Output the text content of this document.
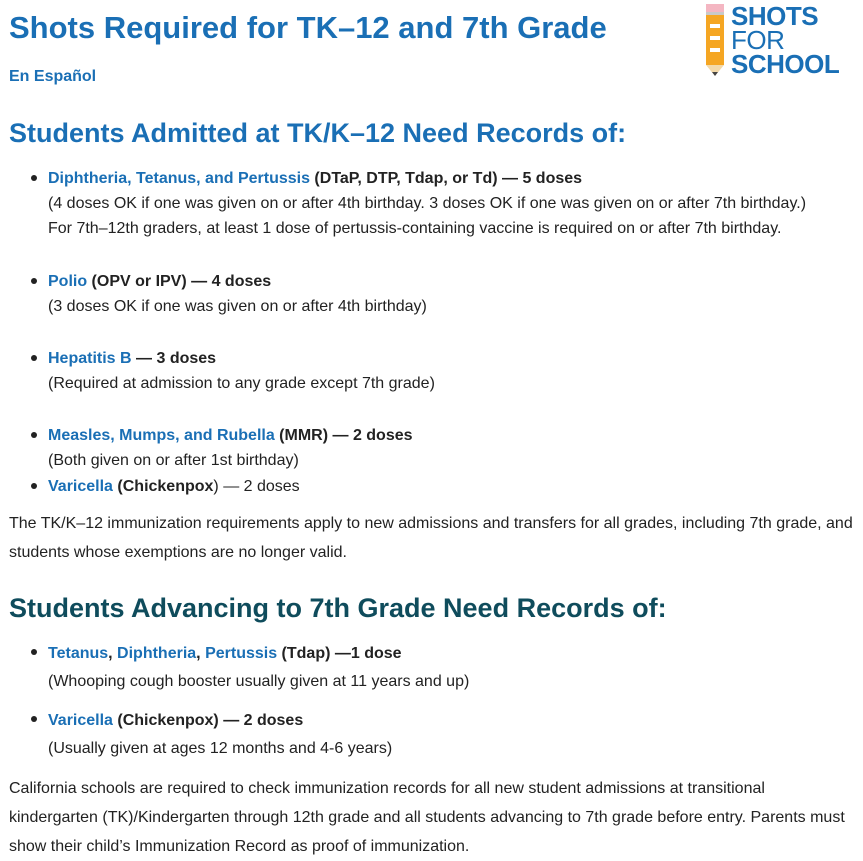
Shots Required for TK–12 and 7th Grade
En Español
SHOTS
FOR
SCHOOL
Students Admitted at TK/K–12 Need Records of:
Diphtheria, Tetanus, and Pertussis (DTaP, DTP, Tdap, or Td) — 5 doses
(4 doses OK if one was given on or after 4th birthday. 3 doses OK if one was given on or after 7th birthday.)
For 7th–12th graders, at least 1 dose of pertussis-containing vaccine is required on or after 7th birthday.
Polio (OPV or IPV) — 4 doses
(3 doses OK if one was given on or after 4th birthday)
Hepatitis B — 3 doses
(Required at admission to any grade except 7th grade)
Measles, Mumps, and Rubella (MMR) — 2 doses
(Both given on or after 1st birthday)
Varicella (Chickenpox) — 2 doses

The TK/K–12 immunization requirements apply to new admissions and transfers for all grades, including 7th grade, and students whose exemptions are no longer valid.

Students Advancing to 7th Grade Need Records of:
Tetanus, Diphtheria, Pertussis (Tdap) —1 dose
(Whooping cough booster usually given at 11 years and up)
Varicella (Chickenpox) — 2 doses
(Usually given at ages 12 months and 4-6 years)

California schools are required to check immunization records for all new student admissions at transitional kindergarten (TK)/Kindergarten through 12th grade and all students advancing to 7th grade before entry. Parents must show their child’s Immunization Record as proof of immunization.
